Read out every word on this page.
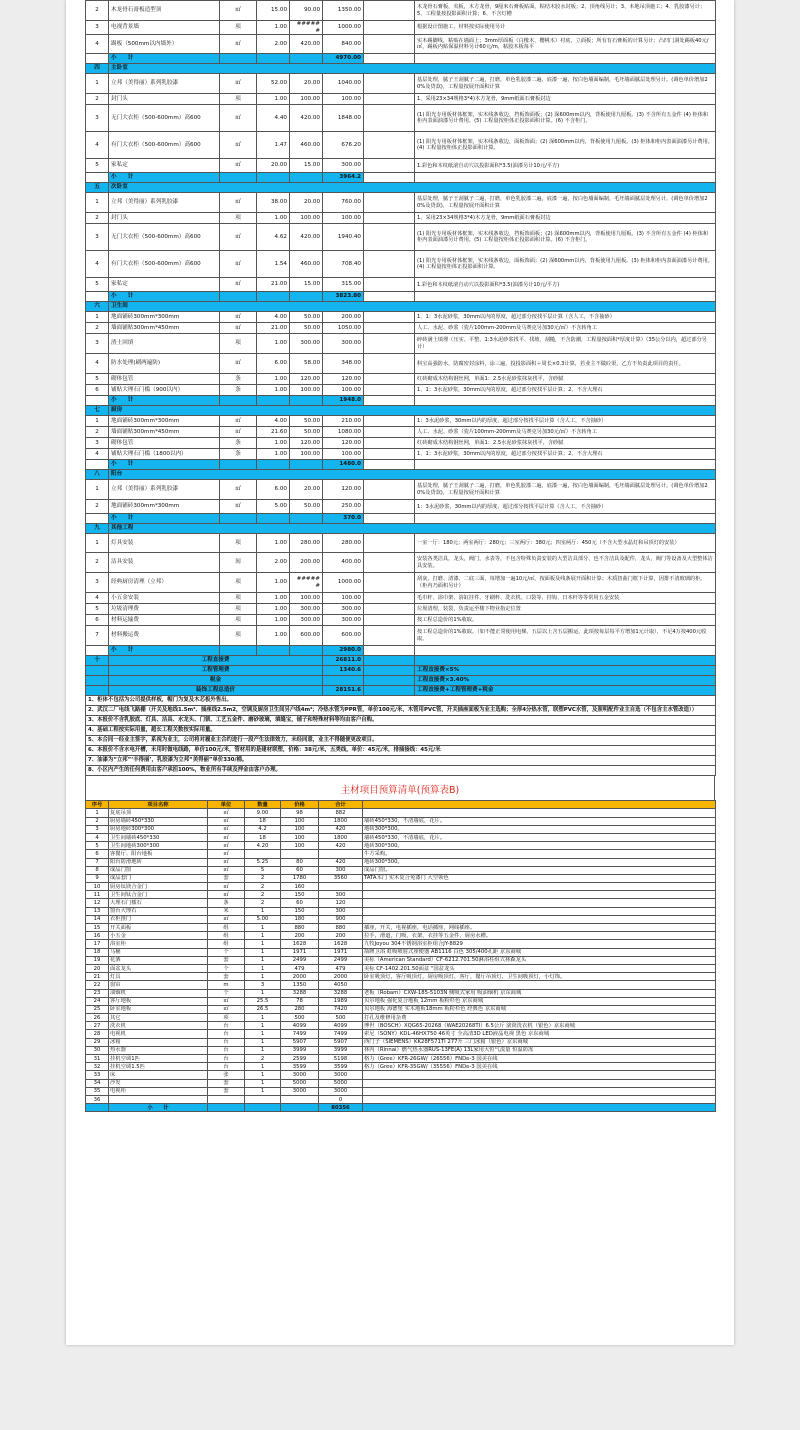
2	木龙骨石膏板造型顶	㎡	15.00	90.00	1350.00		木龙骨石膏板，夹板，木方龙骨，9厘米石膏板贴面，粘结木胶水封板；2、顶角线另计；3、本地吊顶施工；4、乳胶漆另计；5、工程量按投影面积计算；6、不含灯槽
3	电视背景墙	项	1.00	######	1000.00		根据设计图施工，材料按实际使用另计
4	踢板（500mm以内墙外）	㎡	2.00	420.00	840.00		实木踢脚线，粘贴在墙面上；3mm厚面板（白橡木、樱桃木）衬底，立面板；所有有石膏板的计算另计；凸凹门洞处踢板40元/㎡，踢板内贴保温材料另计60元/m，粘胶木板每平
	小　　计				4970.00		
四	主卧室						
1	立邦（美得丽）系列乳胶漆	㎡	52.00	20.00	1040.00		基层处理，腻子王刮腻子二遍，打磨，单色乳胶漆二遍，底漆一遍，按白色墙面编制，毛坯墙面腻层处理另计。(调色单价增加20%及贷款)，工程量按展开面积计算
2	封门头	项	1.00	100.00	100.00		1、采用23×34规格3*4)木方龙骨，9mm纸面石膏板封边
3	无门大衣柜（500-600mm）高600	㎡	4.40	420.00	1848.00		(1) 阳光专用板材体框架，实木线条收边，挡板饰面板；(2) 深600mm以内，背板使用九厘板。(3) 不含所有五金件 (4) 柜体和柜内表面油漆另计费用。(5) 工程量按柜体正投影面积计算。(6) 不含柜门。
4	有门大衣柜（500-600mm）高600	㎡	1.47	460.00	676.20		(1) 阳光专用板材体框架，实木线条收边，面板饰面；(2) 深600mm以内，背板使用九厘板。(3) 柜体和柜内表面油漆另计费用。(4) 工程量按柜体正投影面积计算。
5	家私定	㎡	20.00	15.00	300.00		1.彩色和木纹纸滚自动穴以投影面积*3.5(油漆另计10元/平方)
	小　　计				3964.2		
五	次卧室						
1	立邦（美得丽）系列乳胶漆	㎡	38.00	20.00	760.00		基层处理，腻子王刮腻子二遍，打磨，单色乳胶漆二遍，底漆一遍，按白色墙面编制，毛坯墙面腻层处理另计。(调色单价增加20%及贷款)，工程量按展开面积计算
2	封门头	项	1.00	100.00	100.00		1、采用23×34规格3*4)木方龙骨，9mm纸面石膏板封边
3	无门大衣柜（500-600mm）高600	㎡	4.62	420.00	1940.40		(1) 阳光专用板材体框架，实木线条收边，挡板饰面板；(2) 深600mm以内，背板使用九厘板。(3) 不含所有五金件 (4) 柜体和柜内表面油漆另计费用。(5) 工程量按柜体正投影面积计算。(6) 不含柜门。
4	有门大衣柜（500-600mm）高600	㎡	1.54	460.00	708.40		(1) 阳光专用板材体框架，实木线条收边，面板饰面；(2) 深600mm以内，背板使用九厘板。(3) 柜体和柜内表面油漆另计费用。(4) 工程量按柜体正投影面积计算。
5	家私定	㎡	21.00	15.00	315.00		1.彩色和木纹纸滚自动穴以投影面积*3.5(油漆另计10元/平方)
	小　　计				3823.80		
六	卫生间						
1	地面铺砖300mm*300mm	㎡	4.00	50.00	200.00		1、1：3水泥砂浆，30mm以内的厚度，超过部分按找平层计算（含人工，不含抽砂）
2	墙面铺贴300mm*450mm	㎡	21.00	50.00	1050.00		人工、水泥、砂浆（瓷片100mm-200mm及马赛克另加30元/㎡）不含转角工
3	渣土回填	项	1.00	300.00	300.00		碎砖满土填埋（压实、平整，1:3水泥砂浆找平、找坡、刮糙，不含防潮，工程量按面积*厚度计算）（35公分以内，超过部分另计）
4	防水处理(刷两遍防)	㎡	6.00	58.00	348.00		科宝高强防水，防腐密封涂料，涂三遍，投投影面积＋周长×0.3计算，若业主不做砼渠，乙方不负责此项目的责任。
5	砌体包管	条	1.00	120.00	120.00		红砖砌成木结构钢丝网，单面1：2.5水泥砂浆抹灰找平，含砂腻
6	铺贴大理石门槛（900以内）	条	1.00	100.00	100.00		1、1：3水泥砂浆，30mm以内的厚度，超过部分按找平层计算；2、不含大理石
	小　　计				1948.0		
七	厨房						
1	地面铺砖300mm*300mm	㎡	4.00	50.00	210.00		1：3水泥砂浆，30mm以内的厚度，超过部分按找平层计算（含人工，不含抽砂）
2	墙面铺贴300mm*450mm	㎡	21.60	50.00	1080.00		人工、水泥、砂浆（瓷片100mm-200mm及马赛克另加30元/㎡）不含转角工
3	砌体包管	条	1.00	120.00	120.00		红砖砌成木结构钢丝网，单面1：2.5水泥砂浆抹灰找平，含砂腻
4	铺贴大理石门槛（1800以内）	条	1.00	100.00	100.00		1、1：3水泥砂浆，30mm以内的厚度，超过部分按找平层计算；2、不含大理石
	小　　计				1480.0		
八	阳台						
1	立邦（美得丽）系列乳胶漆	㎡	6.00	20.00	120.00		基层处理，腻子王刮腻子二遍，打磨，单色乳胶漆二遍，底漆一遍，按白色墙面编制，毛坯墙面腻层处理另计。(调色单价增加20%及贷款)，工程量按展开面积计算
2	地面铺砖300mm*300mm	㎡	5.00	50.00	250.00		1：3水泥砂浆，30mm以内的厚度，超过部分按找平层计算（含人工，不含抽砂）
	小　　计				370.0		
九	其他工程						
1	灯具安装	项	1.00	280.00	280.00		一室一厅：180元；两室两厅：280元；三室两厅：380元；四室两厅：450元（不含大型水晶灯和吊顶灯的安装）
2	洁具安装	间	2.00	200.00	400.00		安装各类洁具，龙头，阀门，水表等，不包含特殊负责安装的大型洁具部分，也不含洁具及配件，龙头，阀门等设备及大型整体洁具安装。
3	经典厨房清理（立邦）	项	1.00	######	1000.00		刮灰、打磨、清漆、二底三面，每增加一遍10元/㎡，按面板及线条展开面积计算；木质扭曲门框下计算，因排不清玻璃的柜。（柜内乃面积另计）
4	小五金安装	项	1.00	100.00	100.00		毛巾杆、浴巾架、浴缸挂件、牙刷杯、洗衣机、口袋等、挂钩、日本杆等等常用五金安装
5	垃圾清理费	项	1.00	300.00	300.00		垃圾清理，装袋，负责运至楼下物业指定位置
6	材料运输费	项	1.00	300.00	300.00		按工程总造价的1%收取。
7	材料搬运费	项	1.00	600.00	600.00		按工程总造价的1%收取。（如不能正常使用电梯，五层以上含五层搬运，此项按每层每平方增加1元计取），不足4万按400元收取。
	小　　计				2980.0		
十	工程直接费				26811.0		
	工程管理费				1340.6		工程直接费×5%
	税金						工程直接费×3.40%
	装饰工程总造价				28151.6		工程直接费+工程管理费+税金
1、柜体不包括为公司提供样板，帽门为复及木芯板外售出。							
2、武汉二厂电线飞路棚（开关及地线1.5m²、插座线2.5m2，空调及厨房卫生间另户线4m²；冷热水管为PPR管，单价100元/米，木管用PVC管，开关插座面板为业主选购；全厚4分热水管，联塑PVC水管，及照明配件业主自选（不包含主水管改造））							
3、本报价不含乳胶底、灯具、洁具、水龙头、门锁、工艺五金件、磨砂玻璃，填缝宝，铺子和特殊材料等均由客户自购。							
4、基础工程按实际用量，超长工程关数按实际用量。							
5、本合同一经业主签字，系视为业主，公司将对履业主合约进行一段产生法律效力，未经同意，业主不得随便更改项目。							
6、本报价不含水电开槽，未用时做电线路，单价100元/米，管材用的是建材联塑，价格：38元/米，五类线，单价：45元/米，排插接线：45元/米							
7、油漆为“立邦”‘丰得丽’，乳胶漆为立邦“美得丽”单价330/桶。							
8、小区内产生的任何费用由客户承担100%，物业所有手续及押金由客户办理。							
主材项目预算清单(预算表B)
序号	项目名称	单位	数量	价格	合计	
1	复底吊顶	㎡	9.00	98	882	
2	厨房墙砖450*330	㎡	18	100	1800	墙砖450*330，不清墙底，花片。
3	厨房地砖300*300	㎡	4.2	100	420	地砖300*300。
4	卫生间墙砖450*330	㎡	18	100	1800	墙砖450*330，不清墙底，花片。
5	卫生间地砖300*300	㎡	4.20	100	420	地砖300*300。
6	客餐厅、阳台地板	㎡				牛方采购。
7	阳台防滑地砖	㎡	5.25	80	420	地砖300*300。
8	成品门窗	㎡	5	60	300	成品门窗。
9	成品套门	套	2	1780	3560	TATA木门 实木复合免漆门 大空领色
10	厨房钛镁合金门	㎡	2	160		
11	卫生间钛合金门	㎡	2	150	300	
12	大理石门槛石	条	2	60	120	
13	窗台大理石	米	1	150	300	
14	衣柜推门	㎡	5.00	180	900	
15	开关面板	组	1	880	880	插座，开关，电视插座，电话插座，网线插座。
16	小五金	组	1	200	200	拉手，滑道，门吸，衣架，衣挂等五金件，厨房水槽。
17	浴室柜	组	1	1628	1628	九牧Joyou 304不锈钢浴室柜组合JY-8829
18	马桶	个	1	1971	1971	箭牌卫浴 虹吸喷射式座便器 AB1116 白色 305/400孔距 京东商城
19	花洒	套	1	2499	2499	美标（American Standard）CF-6212.701.50淋浴柱组式林森龙头
20	面盆龙头	个	1	479	479	美标 CF-1402.201.50面盆 "国盆龙头
21	灯具	套	1	2000	2000	卧室吸顶灯，客厅吸顶灯，厨房吸顶灯，客厅，餐厅吊顶灯，卫生间吸顶灯，小灯饰。
22	窗帘	m	3	1350	4050	
23	油烟机	个	1	3288	3288	老板（Robam）CXW-185-5103N 侧吸式家用 吸油烟机 京东商城
24	客厅地板	㎡	25.5	78	1989	贝尔地板 强化复合地板 12mm 板粉杉色 京东商城
25	卧室地板	㎡	26.5	280	7420	贝尔地板 海德堡 实木地板18mm 板粉杉色 经典色 京东商城
26	其它	项	1	500	500	打孔及维修用杂费
27	洗衣机	台	1	4099	4099	博世（BOSCH）XQG65-20268（WAE20268TI）6.5公斤 滚筒洗衣机（银色）京东商城
28	电视机	台	1	7499	7499	索尼（SONY）KDL-46HX750 46英寸 全高清3D LED液晶电视 黑色 京东商城
29	冰箱	台	1	5907	5907	西门子（SIEMENS）KK28F571TI 277升 三门冰箱（银色）京东商城
30	热水器	台	1	3999	3999	林内（Rinnai）燃气热水器RUS-13FE(A) 13L家用大恒气流量 恒温防冻
31	挂机空调1匹	台	2	2599	5198	格力（Gree）KFR-26GW/（26556）FNDe-3 国美在线
32	挂机空调1.5匹	台	1	3599	3599	格力（Gree）KFR-35GW/（35556）FNDe-3 国美在线
33	床	张	1	3000	3000	
34	沙发	套	1	5000	5000	
35	电视柜	套	1	3000	3000	
36					0	
	小　　计				80356	
